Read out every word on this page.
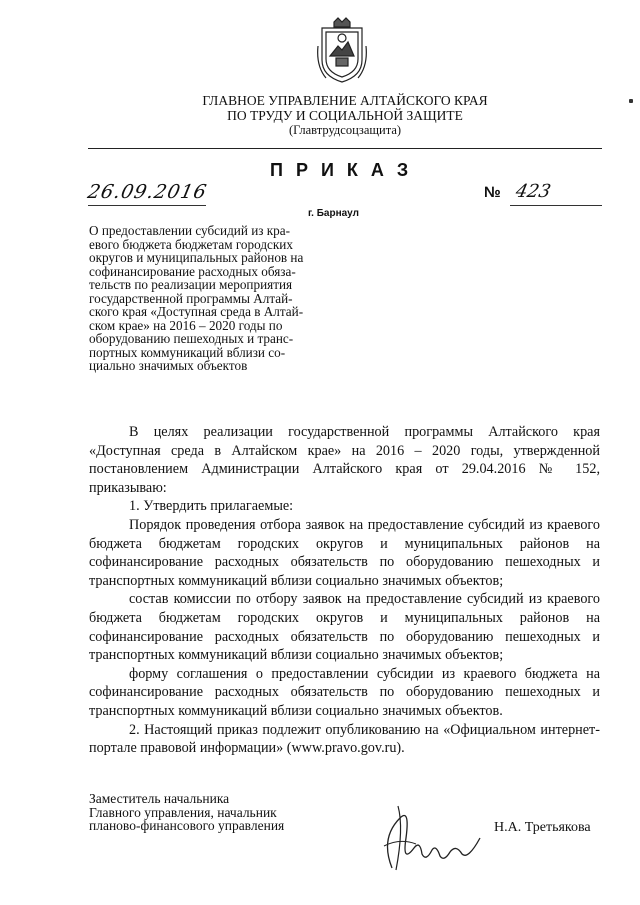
ГЛАВНОЕ УПРАВЛЕНИЕ АЛТАЙСКОГО КРАЯ
ПО ТРУДУ И СОЦИАЛЬНОЙ ЗАЩИТЕ
(Главтрудсоцзащита)
ПРИКАЗ
26.09.2016
г. Барнаул
№ 423
О предоставлении субсидий из кра-
евого бюджета бюджетам городских
округов и муниципальных районов на
софинансирование расходных обяза-
тельств по реализации мероприятия
государственной программы Алтай-
ского края «Доступная среда в Алтай-
ском крае» на 2016 – 2020 годы по
оборудованию пешеходных и транс-
портных коммуникаций вблизи со-
циально значимых объектов

В целях реализации государственной программы Алтайского края «Доступная среда в Алтайском крае» на 2016 – 2020 годы, утвержденной постановлением Администрации Алтайского края от 29.04.2016 № 152, приказываю:

1. Утвердить прилагаемые:

Порядок проведения отбора заявок на предоставление субсидий из краевого бюджета бюджетам городских округов и муниципальных районов на софинансирование расходных обязательств по оборудованию пешеходных и транспортных коммуникаций вблизи социально значимых объектов;

состав комиссии по отбору заявок на предоставление субсидий из краевого бюджета бюджетам городских округов и муниципальных районов на софинансирование расходных обязательств по оборудованию пешеходных и транспортных коммуникаций вблизи социально значимых объектов;

форму соглашения о предоставлении субсидии из краевого бюджета на софинансирование расходных обязательств по оборудованию пешеходных и транспортных коммуникаций вблизи социально значимых объектов.

2. Настоящий приказ подлежит опубликованию на «Официальном интернет-портале правовой информации» (www.pravo.gov.ru).

Заместитель начальника
Главного управления, начальник
планово-финансового управления	Н.А. Третьякова
